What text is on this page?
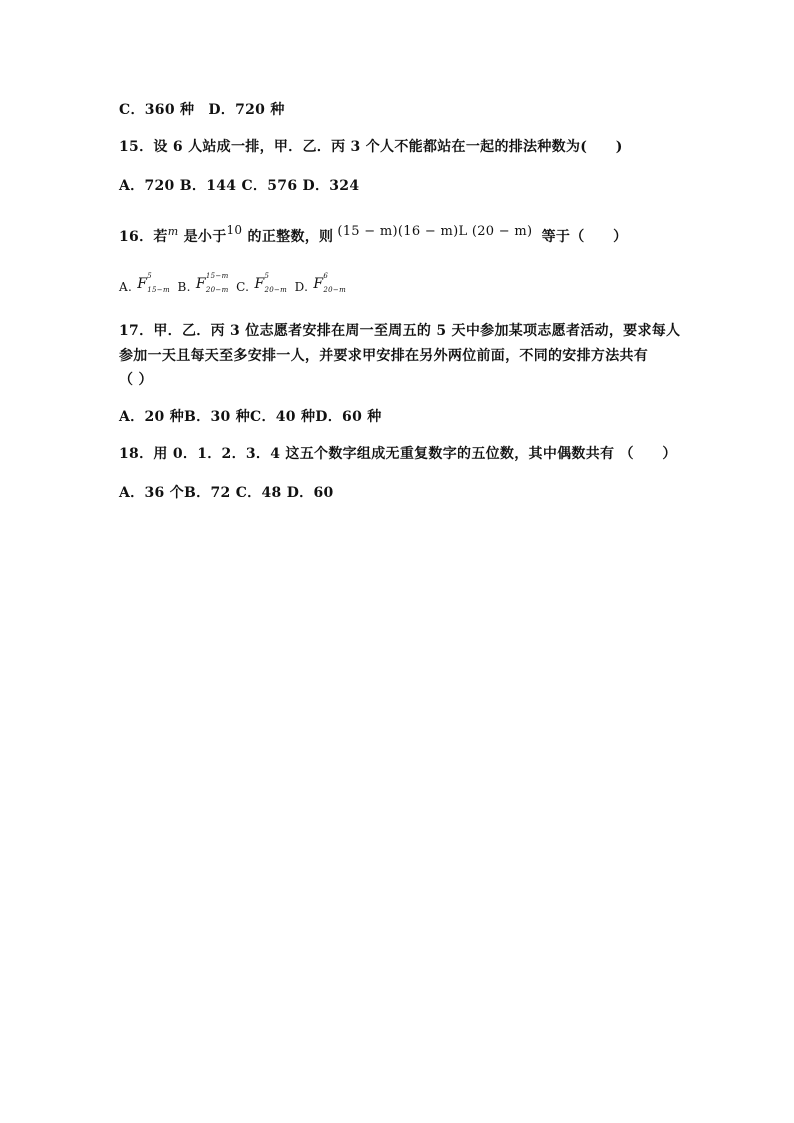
C．360 种 D．720 种
15．设 6 人站成一排，甲．乙．丙 3 个人不能都站在一起的排法种数为(　　)
A．720 B．144 C．576 D．324
16．若$^m$ 是小于10 的正整数，则 (15 − m)(16 − m)L (20 − m) 等于（　　）
A. F 5
15−m B. F 15−m
20−m C. F 5
20−m D. F 6
20−m
17．甲．乙．丙 3 位志愿者安排在周一至周五的 5 天中参加某项志愿者活动，要求每人
参加一天且每天至多安排一人，并要求甲安排在另外两位前面，不同的安排方法共有
（ ）
A．20 种B．30 种C．40 种D．60 种
18．用 0．1．2．3．4 这五个数字组成无重复数字的五位数，其中偶数共有 （　　）
A．36 个B．72 C．48 D．60
